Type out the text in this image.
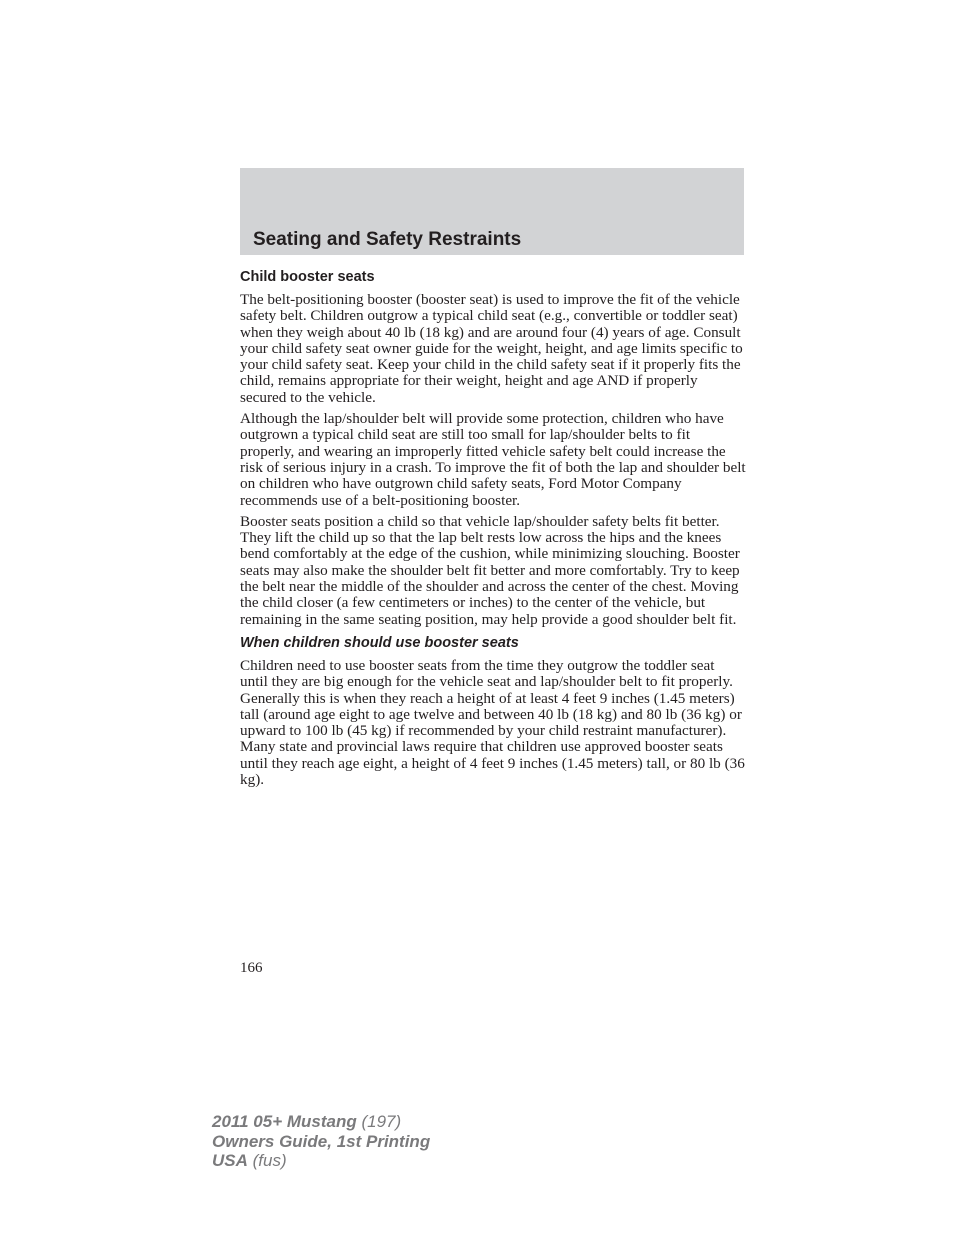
Seating and Safety Restraints
Child booster seats

The belt-positioning booster (booster seat) is used to improve the fit of the vehicle safety belt. Children outgrow a typical child seat (e.g., convertible or toddler seat) when they weigh about 40 lb (18 kg) and are around four (4) years of age. Consult your child safety seat owner guide for the weight, height, and age limits specific to your child safety seat. Keep your child in the child safety seat if it properly fits the child, remains appropriate for their weight, height and age AND if properly secured to the vehicle.

Although the lap/shoulder belt will provide some protection, children who have outgrown a typical child seat are still too small for lap/shoulder belts to fit properly, and wearing an improperly fitted vehicle safety belt could increase the risk of serious injury in a crash. To improve the fit of both the lap and shoulder belt on children who have outgrown child safety seats, Ford Motor Company recommends use of a belt-positioning booster.

Booster seats position a child so that vehicle lap/shoulder safety belts fit better. They lift the child up so that the lap belt rests low across the hips and the knees bend comfortably at the edge of the cushion, while minimizing slouching. Booster seats may also make the shoulder belt fit better and more comfortably. Try to keep the belt near the middle of the shoulder and across the center of the chest. Moving the child closer (a few centimeters or inches) to the center of the vehicle, but remaining in the same seating position, may help provide a good shoulder belt fit.

When children should use booster seats

Children need to use booster seats from the time they outgrow the toddler seat until they are big enough for the vehicle seat and lap/shoulder belt to fit properly. Generally this is when they reach a height of at least 4 feet 9 inches (1.45 meters) tall (around age eight to age twelve and between 40 lb (18 kg) and 80 lb (36 kg) or upward to 100 lb (45 kg) if recommended by your child restraint manufacturer). Many state and provincial laws require that children use approved booster seats until they reach age eight, a height of 4 feet 9 inches (1.45 meters) tall, or 80 lb (36 kg).

166

2011 05+ Mustang (197)
Owners Guide, 1st Printing
USA (fus)
